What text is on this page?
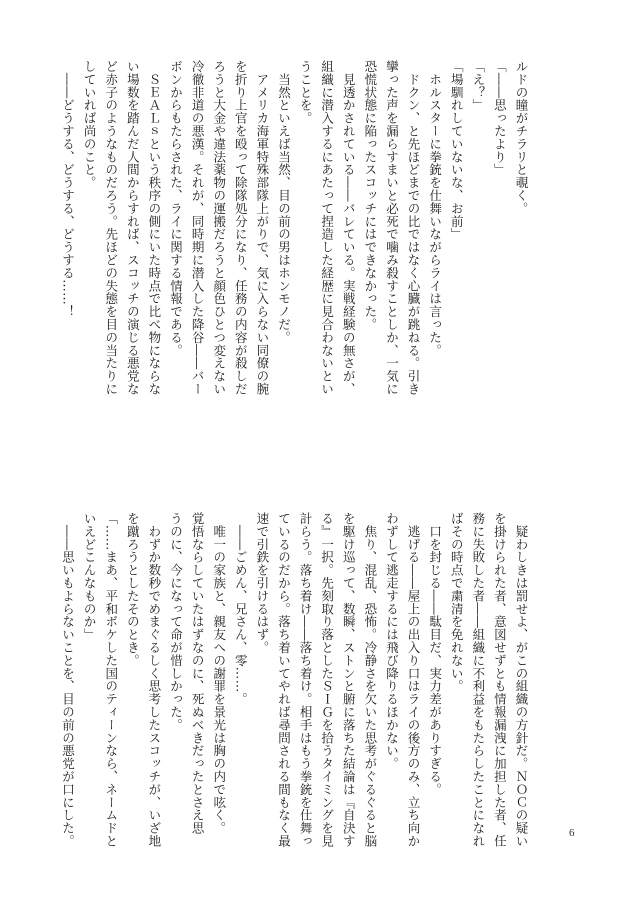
ルドの瞳がチラリと覗く。
「――思ったより」
「え？」
「場馴れしていないな、お前」
　ホルスターに拳銃を仕舞いながらライは言った。
　ドクン、と先ほどまでの比ではなく心臓が跳ねる。引き
攣った声を漏らすまいと必死で噛み殺すことしか、一気に
恐慌状態に陥ったスコッチにはできなかった。
　見透かされている――バレている。実戦経験の無さが、
組織に潜入するにあたって捏造した経歴に見合わないとい
うことを。
　当然といえば当然、目の前の男はホンモノだ。
　アメリカ海軍特殊部隊上がりで、気に入らない同僚の腕
を折り上官を殴って除隊処分になり、任務の内容が殺しだ
ろうと大金や違法薬物の運搬だろうと顔色ひとつ変えない
冷徹非道の悪漢。それが、同時期に潜入した降谷――バー
ボンからもたらされた、ライに関する情報である。
　ＳＥＡＬｓという秩序の側にいた時点で比べ物にならな
い場数を踏んだ人間からすれば、スコッチの演じる悪党な
ど赤子のようなものだろう。先ほどの失態を目の当たりに
していれば尚のこと。
　――どうする、どうする、どうする……！
　疑わしきは罰せよ、がこの組織の方針だ。ＮＯＣの疑い
を掛けられた者、意図せずとも情報漏洩に加担した者、任
務に失敗した者――組織に不利益をもたらしたことになれ
ばその時点で粛清を免れない。
　口を封じる――駄目だ、実力差がありすぎる。
　逃げる――屋上の出入り口はライの後方のみ、立ち向か
わずして逃走するには飛び降りるほかない。
　焦り、混乱、恐怖。冷静さを欠いた思考がぐるぐると脳
を駆け巡って、数瞬、ストンと腑に落ちた結論は『自決す
る』一択。先刻取り落としたＳＩＧを拾うタイミングを見
計らう。落ち着け――落ち着け。相手はもう拳銃を仕舞っ
ているのだから。落ち着いてやれば尋問される間もなく最
速で引鉄を引けるはず。
　――ごめん、兄さん、零……。
　唯一の家族と、親友への謝罪を景光は胸の内で呟く。
覚悟ならしていたはずなのに、死ぬべきだったとさえ思
うのに、今になって命が惜しかった。
　わずか数秒でめまぐるしく思考したスコッチが、いざ地
を蹴ろうとしたそのとき。
「……まあ、平和ボケした国のティーンなら、ネームドと
いえどこんなものか」
　――思いもよらないことを、目の前の悪党が口にした。	6
